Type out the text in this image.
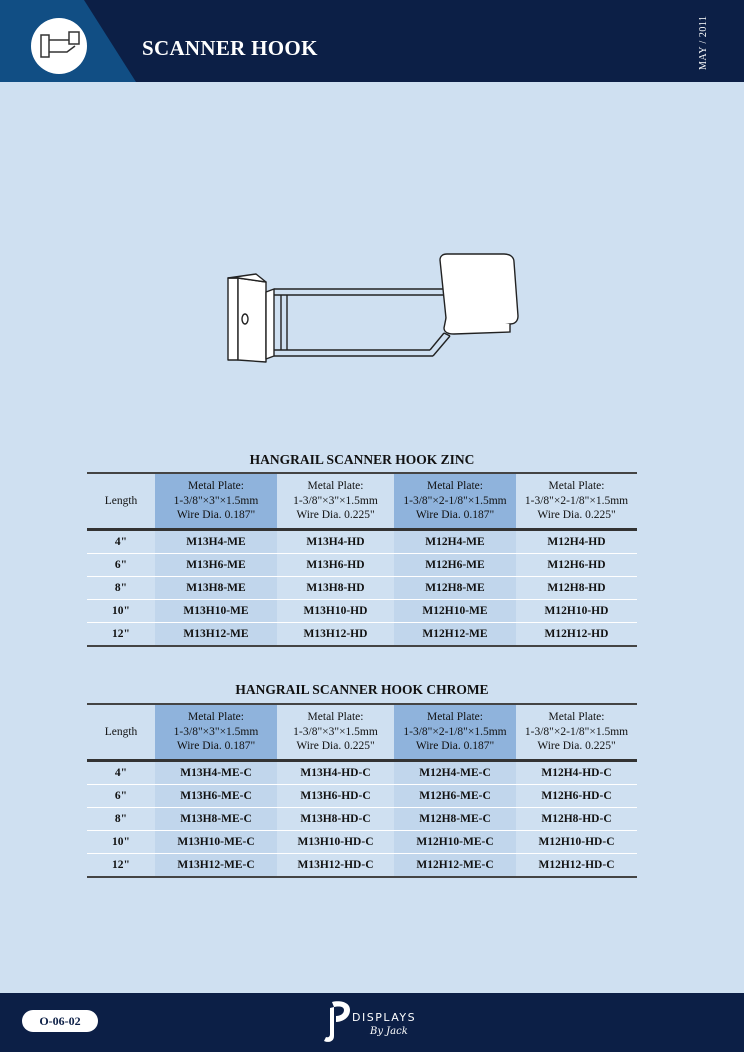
SCANNER HOOK	MAY / 2011
HANGRAIL SCANNER HOOK ZINC
Length	Metal Plate:
1-3/8"×3"×1.5mm
Wire Dia. 0.187"	Metal Plate:
1-3/8"×3"×1.5mm
Wire Dia. 0.225"	Metal Plate:
1-3/8"×2-1/8"×1.5mm
Wire Dia. 0.187"	Metal Plate:
1-3/8"×2-1/8"×1.5mm
Wire Dia. 0.225"

4"	M13H4-ME	M13H4-HD	M12H4-ME	M12H4-HD
6"	M13H6-ME	M13H6-HD	M12H6-ME	M12H6-HD
8"	M13H8-ME	M13H8-HD	M12H8-ME	M12H8-HD
10"	M13H10-ME	M13H10-HD	M12H10-ME	M12H10-HD
12"	M13H12-ME	M13H12-HD	M12H12-ME	M12H12-HD
HANGRAIL SCANNER HOOK CHROME
Length	Metal Plate:
1-3/8"×3"×1.5mm
Wire Dia. 0.187"	Metal Plate:
1-3/8"×3"×1.5mm
Wire Dia. 0.225"	Metal Plate:
1-3/8"×2-1/8"×1.5mm
Wire Dia. 0.187"	Metal Plate:
1-3/8"×2-1/8"×1.5mm
Wire Dia. 0.225"

4"	M13H4-ME-C	M13H4-HD-C	M12H4-ME-C	M12H4-HD-C
6"	M13H6-ME-C	M13H6-HD-C	M12H6-ME-C	M12H6-HD-C
8"	M13H8-ME-C	M13H8-HD-C	M12H8-ME-C	M12H8-HD-C
10"	M13H10-ME-C	M13H10-HD-C	M12H10-ME-C	M12H10-HD-C
12"	M13H12-ME-C	M13H12-HD-C	M12H12-ME-C	M12H12-HD-C
O-06-02	DISPLAYS
By Jack
